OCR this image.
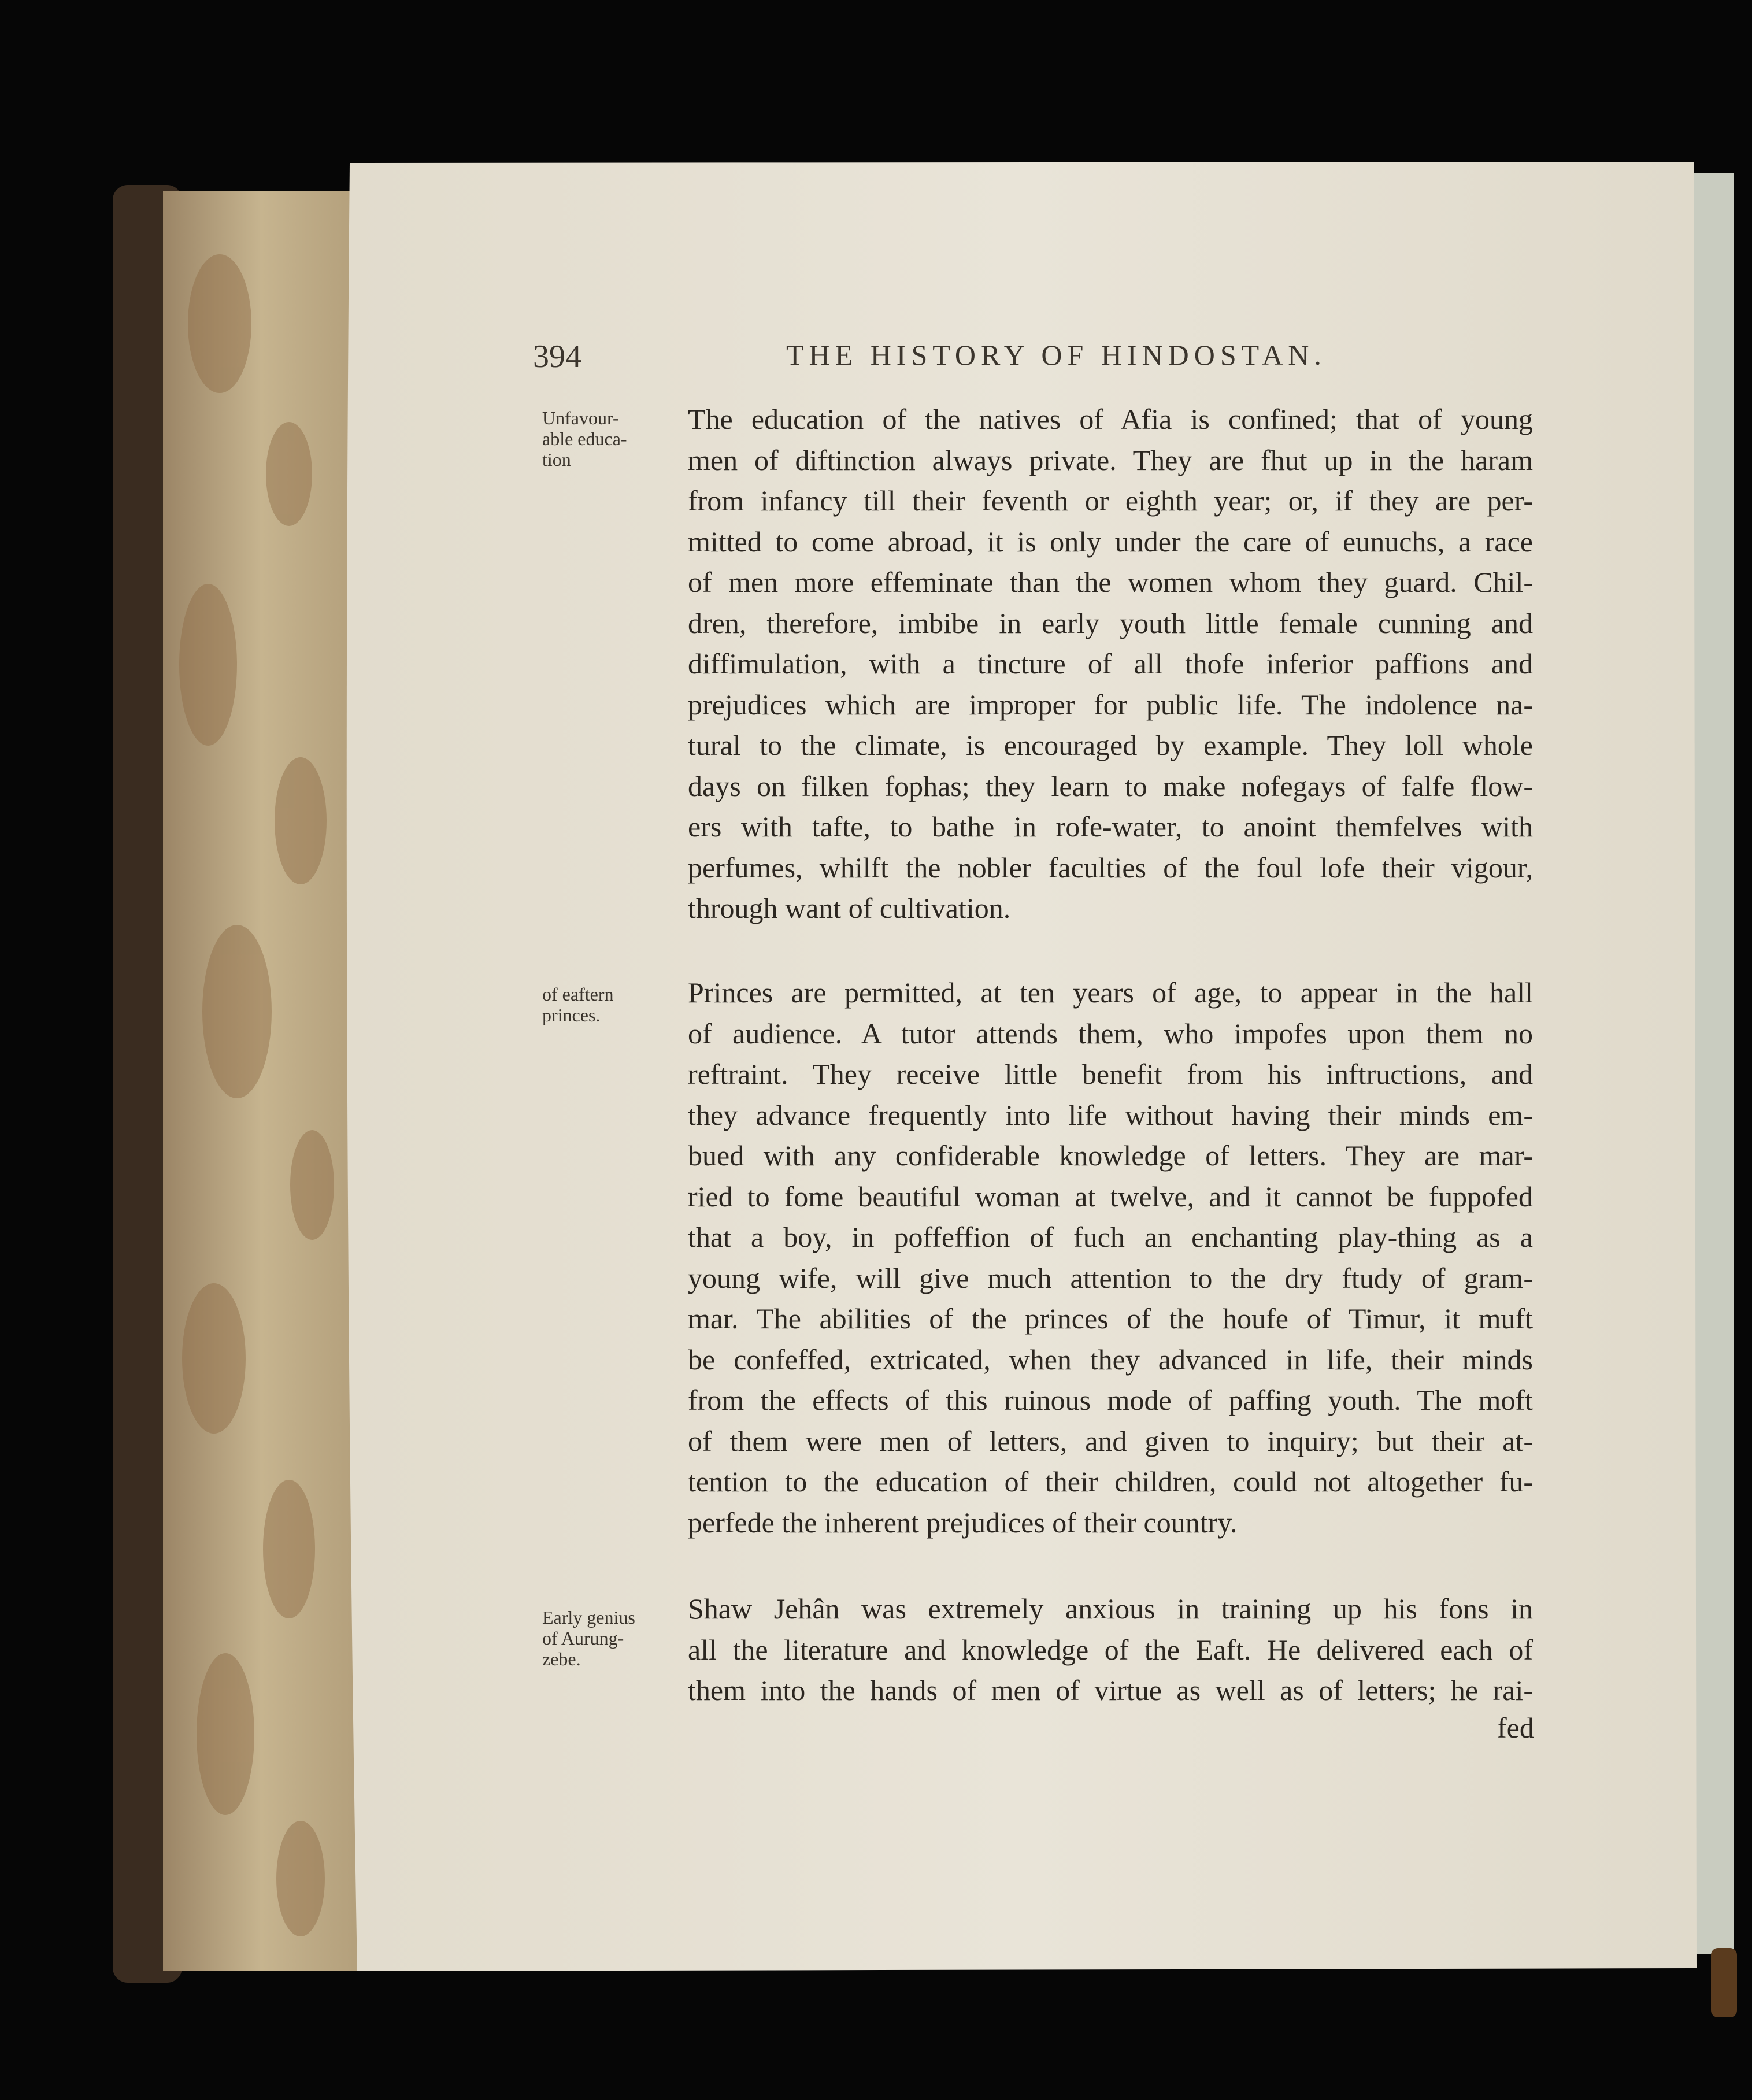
394	THE HISTORY OF HINDOSTAN.
Unfavour-
able educa-
tion
The education of the natives of Afia is confined; that of young
men of diftinction always private. They are fhut up in the haram
from infancy till their feventh or eighth year; or, if they are per-
mitted to come abroad, it is only under the care of eunuchs, a race
of men more effeminate than the women whom they guard. Chil-
dren, therefore, imbibe in early youth little female cunning and
diffimulation, with a tincture of all thofe inferior paffions and
prejudices which are improper for public life. The indolence na-
tural to the climate, is encouraged by example. They loll whole
days on filken fophas; they learn to make nofegays of falfe flow-
ers with tafte, to bathe in rofe-water, to anoint themfelves with
perfumes, whilft the nobler faculties of the foul lofe their vigour,
through want of cultivation.
of eaftern
princes.
Princes are permitted, at ten years of age, to appear in the hall
of audience. A tutor attends them, who impofes upon them no
reftraint. They receive little benefit from his inftructions, and
they advance frequently into life without having their minds em-
bued with any confiderable knowledge of letters. They are mar-
ried to fome beautiful woman at twelve, and it cannot be fuppofed
that a boy, in poffeffion of fuch an enchanting play-thing as a
young wife, will give much attention to the dry ftudy of gram-
mar. The abilities of the princes of the houfe of Timur, it muft
be confeffed, extricated, when they advanced in life, their minds
from the effects of this ruinous mode of paffing youth. The moft
of them were men of letters, and given to inquiry; but their at-
tention to the education of their children, could not altogether fu-
perfede the inherent prejudices of their country.
Early genius
of Aurung-
zebe.
Shaw Jehân was extremely anxious in training up his fons in
all the literature and knowledge of the Eaft. He delivered each of
them into the hands of men of virtue as well as of letters; he rai-
fed
